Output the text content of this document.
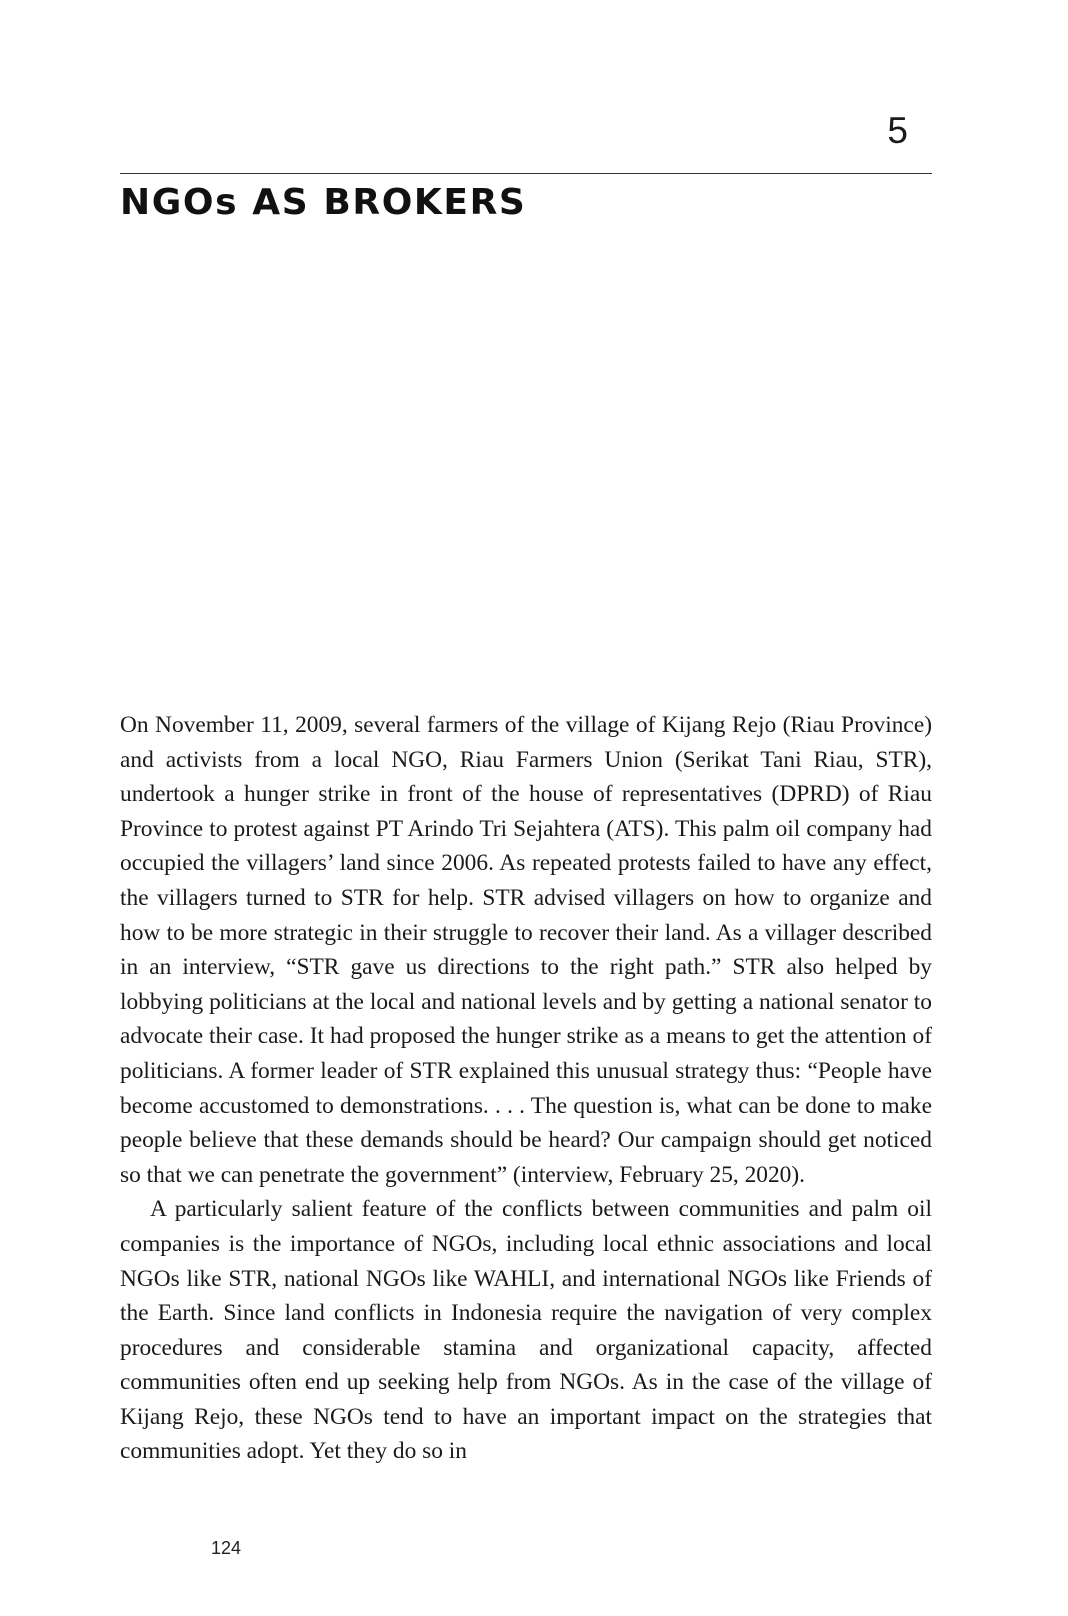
5
NGOs AS BROKERS

On November 11, 2009, several farmers of the village of Kijang Rejo (Riau Province) and activists from a local NGO, Riau Farmers Union (Serikat Tani Riau, STR), undertook a hunger strike in front of the house of representatives (DPRD) of Riau Province to protest against PT Arindo Tri Sejahtera (ATS). This palm oil company had occupied the villagers’ land since 2006. As repeated protests failed to have any effect, the villagers turned to STR for help. STR advised villagers on how to organize and how to be more strategic in their struggle to recover their land. As a villager described in an interview, “STR gave us directions to the right path.” STR also helped by lobbying politicians at the local and national levels and by getting a national senator to advocate their case. It had proposed the hunger strike as a means to get the attention of politicians. A former leader of STR explained this unusual strategy thus: “People have become accustomed to demonstrations. . . . The question is, what can be done to make people believe that these demands should be heard? Our campaign should get noticed so that we can penetrate the government” (interview, February 25, 2020).

A particularly salient feature of the conflicts between communities and palm oil companies is the importance of NGOs, including local ethnic associations and local NGOs like STR, national NGOs like WAHLI, and international NGOs like Friends of the Earth. Since land conflicts in Indonesia require the navigation of very complex procedures and considerable stamina and organizational capacity, affected communities often end up seeking help from NGOs. As in the case of the village of Kijang Rejo, these NGOs tend to have an important impact on the strategies that communities adopt. Yet they do so in

124
